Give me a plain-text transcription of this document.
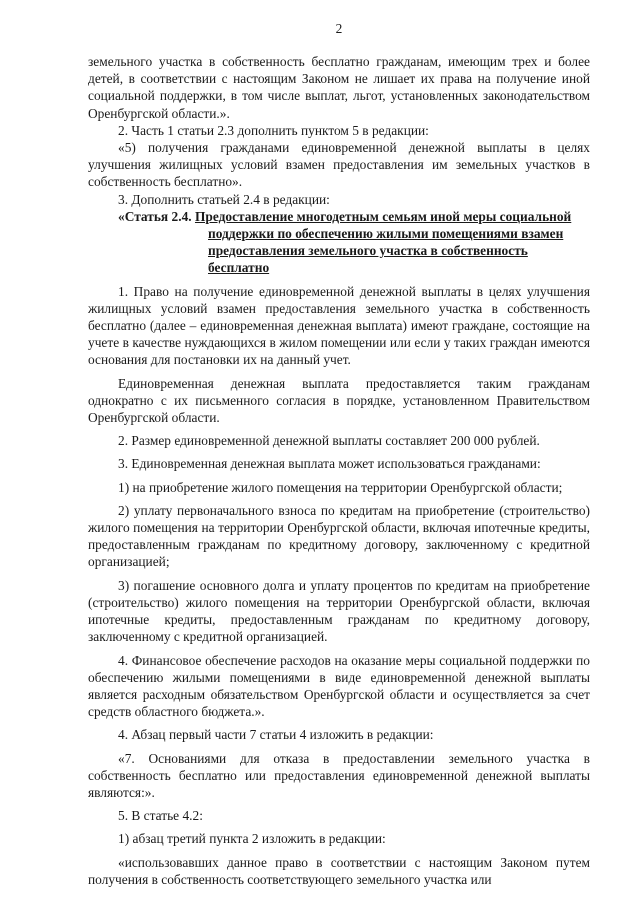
2

земельного участка в собственность бесплатно гражданам, имеющим трех и более детей, в соответствии с настоящим Законом не лишает их права на получение иной социальной поддержки, в том числе выплат, льгот, установленных законодательством Оренбургской области.».

2. Часть 1 статьи 2.3 дополнить пунктом 5 в редакции:

«5) получения гражданами единовременной денежной выплаты в целях улучшения жилищных условий взамен предоставления им земельных участков в собственность бесплатно».

3. Дополнить статьей 2.4 в редакции:

«Статья 2.4. Предоставление многодетным семьям иной меры социальной поддержки по обеспечению жилыми помещениями взамен предоставления земельного участка в собственность бесплатно

1. Право на получение единовременной денежной выплаты в целях улучшения жилищных условий взамен предоставления земельного участка в собственность бесплатно (далее – единовременная денежная выплата) имеют граждане, состоящие на учете в качестве нуждающихся в жилом помещении или если у таких граждан имеются основания для постановки их на данный учет.

Единовременная денежная выплата предоставляется таким гражданам однократно с их письменного согласия в порядке, установленном Правительством Оренбургской области.

2. Размер единовременной денежной выплаты составляет 200 000 рублей.

3. Единовременная денежная выплата может использоваться гражданами:

1) на приобретение жилого помещения на территории Оренбургской области;

2) уплату первоначального взноса по кредитам на приобретение (строительство) жилого помещения на территории Оренбургской области, включая ипотечные кредиты, предоставленным гражданам по кредитному договору, заключенному с кредитной организацией;

3) погашение основного долга и уплату процентов по кредитам на приобретение (строительство) жилого помещения на территории Оренбургской области, включая ипотечные кредиты, предоставленным гражданам по кредитному договору, заключенному с кредитной организацией.

4. Финансовое обеспечение расходов на оказание меры социальной поддержки по обеспечению жилыми помещениями в виде единовременной денежной выплаты является расходным обязательством Оренбургской области и осуществляется за счет средств областного бюджета.».

4. Абзац первый части 7 статьи 4 изложить в редакции:

«7. Основаниями для отказа в предоставлении земельного участка в собственность бесплатно или предоставления единовременной денежной выплаты являются:».

5. В статье 4.2:

1) абзац третий пункта 2 изложить в редакции:

«использовавших данное право в соответствии с настоящим Законом путем получения в собственность соответствующего земельного участка или
